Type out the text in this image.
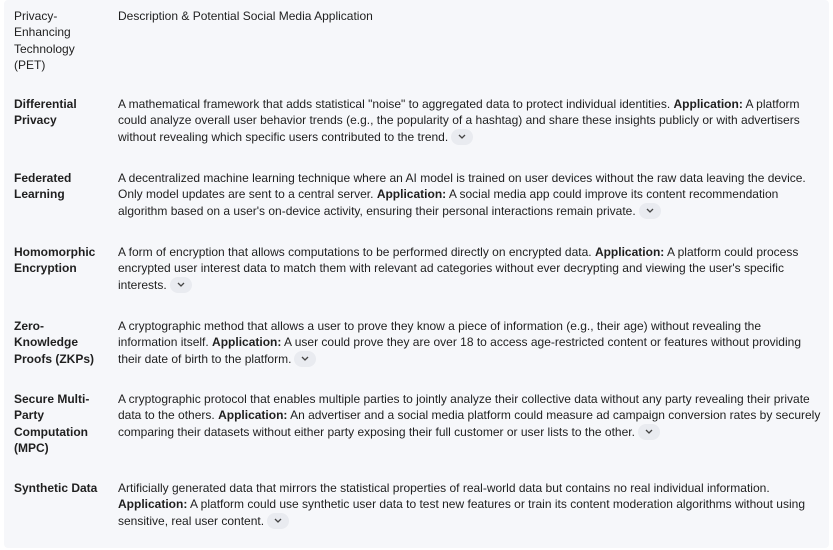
Privacy-Enhancing Technology (PET)
Description & Potential Social Media Application
Differential Privacy
A mathematical framework that adds statistical "noise" to aggregated data to protect individual identities. Application: A platform could analyze overall user behavior trends (e.g., the popularity of a hashtag) and share these insights publicly or with advertisers without revealing which specific users contributed to the trend.
Federated Learning
A decentralized machine learning technique where an AI model is trained on user devices without the raw data leaving the device. Only model updates are sent to a central server. Application: A social media app could improve its content recommendation algorithm based on a user's on-device activity, ensuring their personal interactions remain private.
Homomorphic Encryption
A form of encryption that allows computations to be performed directly on encrypted data. Application: A platform could process encrypted user interest data to match them with relevant ad categories without ever decrypting and viewing the user's specific interests.
Zero-Knowledge Proofs (ZKPs)
A cryptographic method that allows a user to prove they know a piece of information (e.g., their age) without revealing the information itself. Application: A user could prove they are over 18 to access age-restricted content or features without providing their date of birth to the platform.
Secure Multi-Party Computation (MPC)
A cryptographic protocol that enables multiple parties to jointly analyze their collective data without any party revealing their private data to the others. Application: An advertiser and a social media platform could measure ad campaign conversion rates by securely comparing their datasets without either party exposing their full customer or user lists to the other.
Synthetic Data	Artificially generated data that mirrors the statistical properties of real-world data but contains no real individual information. Application: A platform could use synthetic user data to test new features or train its content moderation algorithms without using sensitive, real user content.
